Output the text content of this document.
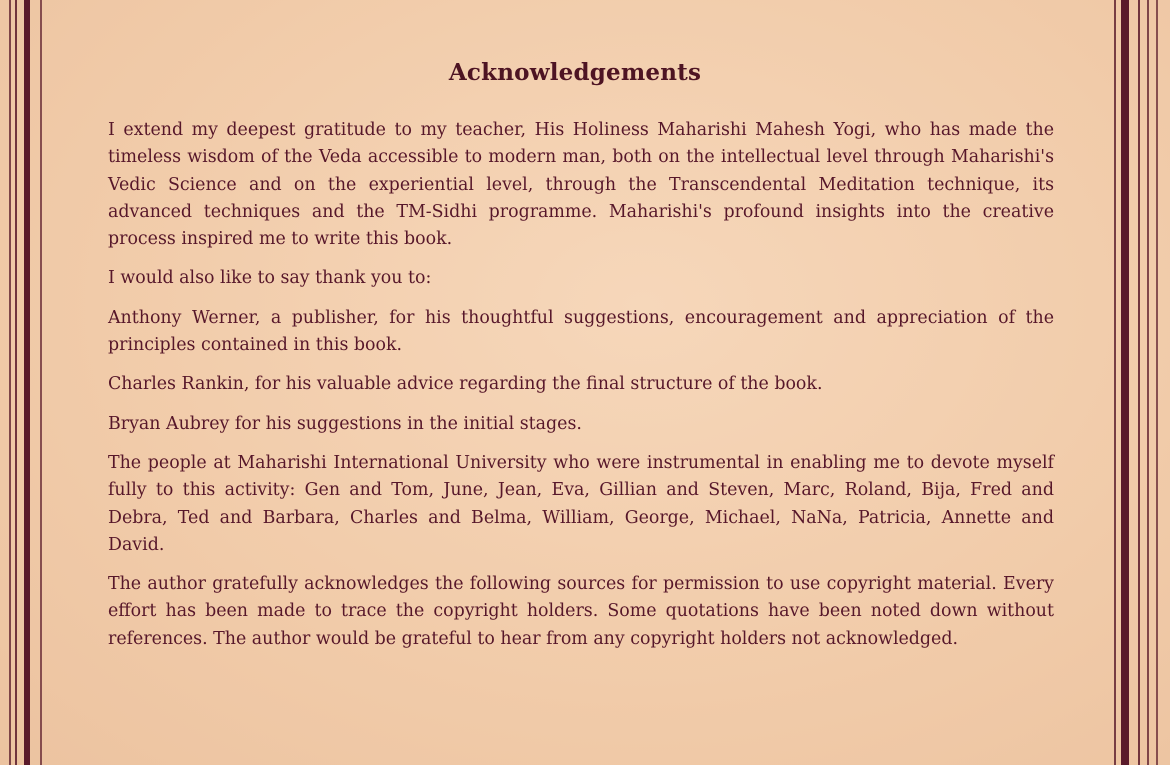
Acknowledgements

I extend my deepest gratitude to my teacher, His Holiness Maharishi Mahesh Yogi, who has made the timeless wisdom of the Veda accessible to modern man, both on the intellectual level through Maharishi's Vedic Science and on the experiential level, through the Transcendental Meditation technique, its advanced techniques and the TM-Sidhi programme. Maharishi's profound insights into the creative process inspired me to write this book.

I would also like to say thank you to:

Anthony Werner, a publisher, for his thoughtful suggestions, encouragement and appreciation of the principles contained in this book.

Charles Rankin, for his valuable advice regarding the final structure of the book.

Bryan Aubrey for his suggestions in the initial stages.

The people at Maharishi International University who were instrumental in enabling me to devote myself fully to this activity: Gen and Tom, June, Jean, Eva, Gillian and Steven, Marc, Roland, Bija, Fred and Debra, Ted and Barbara, Charles and Belma, William, George, Michael, NaNa, Patricia, Annette and David.

The author gratefully acknowledges the following sources for permission to use copyright material. Every effort has been made to trace the copyright holders. Some quotations have been noted down without references. The author would be grateful to hear from any copyright holders not acknowledged.
